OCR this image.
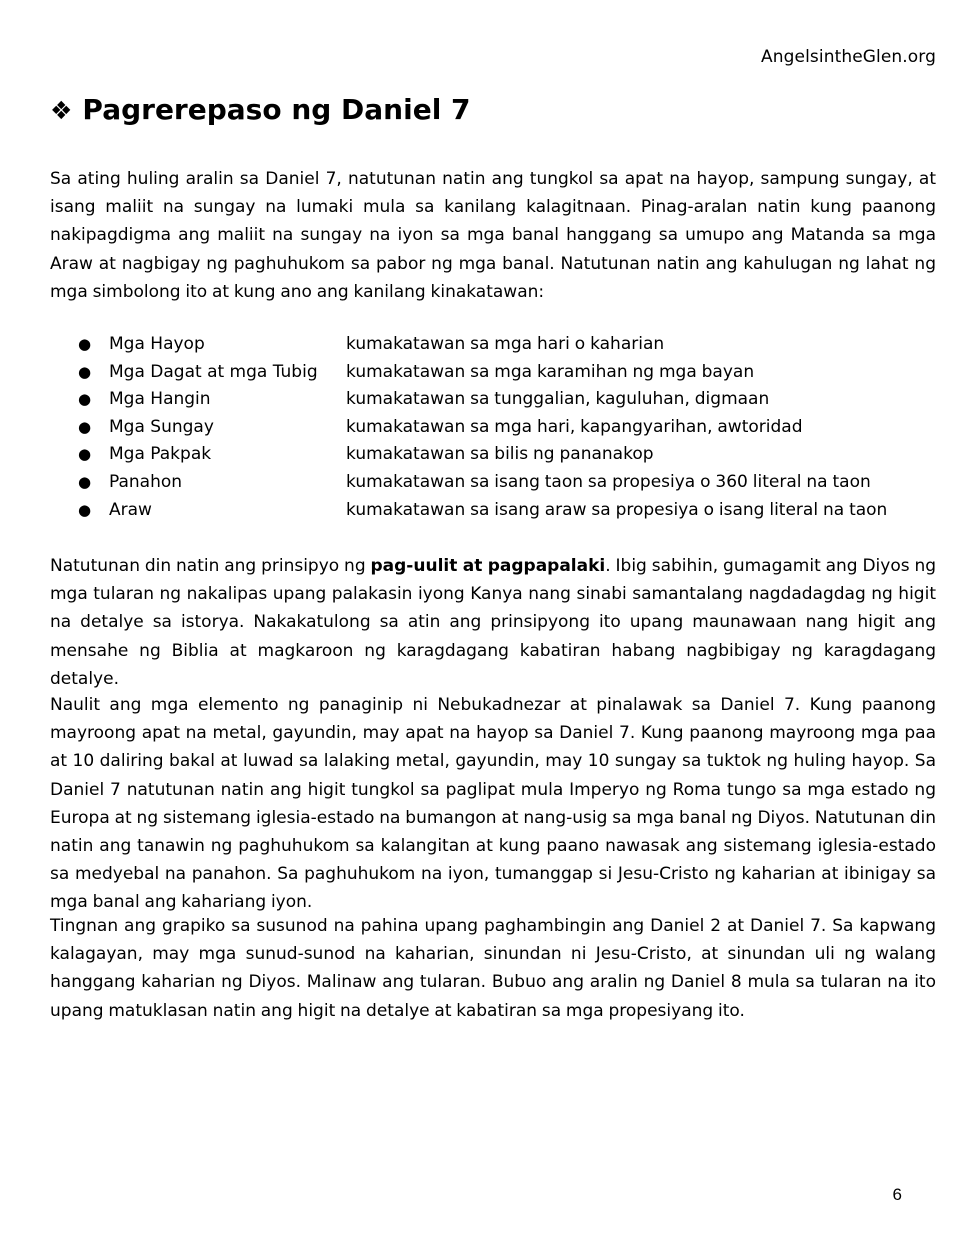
AngelsintheGlen.org
❖ Pagrerepaso ng Daniel 7

Sa ating huling aralin sa Daniel 7, natutunan natin ang tungkol sa apat na hayop, sampung sungay, at isang maliit na sungay na lumaki mula sa kanilang kalagitnaan. Pinag-aralan natin kung paanong nakipagdigma ang maliit na sungay na iyon sa mga banal hanggang sa umupo ang Matanda sa mga Araw at nagbigay ng paghuhukom sa pabor ng mga banal. Natutunan natin ang kahulugan ng lahat ng mga simbolong ito at kung ano ang kanilang kinakatawan:

●	Mga Hayop	kumakatawan sa mga hari o kaharian
●	Mga Dagat at mga Tubig	kumakatawan sa mga karamihan ng mga bayan
●	Mga Hangin	kumakatawan sa tunggalian, kaguluhan, digmaan
●	Mga Sungay	kumakatawan sa mga hari, kapangyarihan, awtoridad
●	Mga Pakpak	kumakatawan sa bilis ng pananakop
●	Panahon	kumakatawan sa isang taon sa propesiya o 360 literal na taon
●	Araw	kumakatawan sa isang araw sa propesiya o isang literal na taon

Natutunan din natin ang prinsipyo ng pag-uulit at pagpapalaki. Ibig sabihin, gumagamit ang Diyos ng mga tularan ng nakalipas upang palakasin iyong Kanya nang sinabi samantalang nagdadagdag ng higit na detalye sa istorya. Nakakatulong sa atin ang prinsipyong ito upang maunawaan nang higit ang mensahe ng Biblia at magkaroon ng karagdagang kabatiran habang nagbibigay ng karagdagang detalye.

Naulit ang mga elemento ng panaginip ni Nebukadnezar at pinalawak sa Daniel 7. Kung paanong mayroong apat na metal, gayundin, may apat na hayop sa Daniel 7. Kung paanong mayroong mga paa at 10 daliring bakal at luwad sa lalaking metal, gayundin, may 10 sungay sa tuktok ng huling hayop. Sa Daniel 7 natutunan natin ang higit tungkol sa paglipat mula Imperyo ng Roma tungo sa mga estado ng Europa at ng sistemang iglesia-estado na bumangon at nang-usig sa mga banal ng Diyos. Natutunan din natin ang tanawin ng paghuhukom sa kalangitan at kung paano nawasak ang sistemang iglesia-estado sa medyebal na panahon. Sa paghuhukom na iyon, tumanggap si Jesu-Cristo ng kaharian at ibinigay sa mga banal ang kahariang iyon.

Tingnan ang grapiko sa susunod na pahina upang paghambingin ang Daniel 2 at Daniel 7. Sa kapwang kalagayan, may mga sunud-sunod na kaharian, sinundan ni Jesu-Cristo, at sinundan uli ng walang hanggang kaharian ng Diyos. Malinaw ang tularan. Bubuo ang aralin ng Daniel 8 mula sa tularan na ito upang matuklasan natin ang higit na detalye at kabatiran sa mga propesiyang ito.

6
